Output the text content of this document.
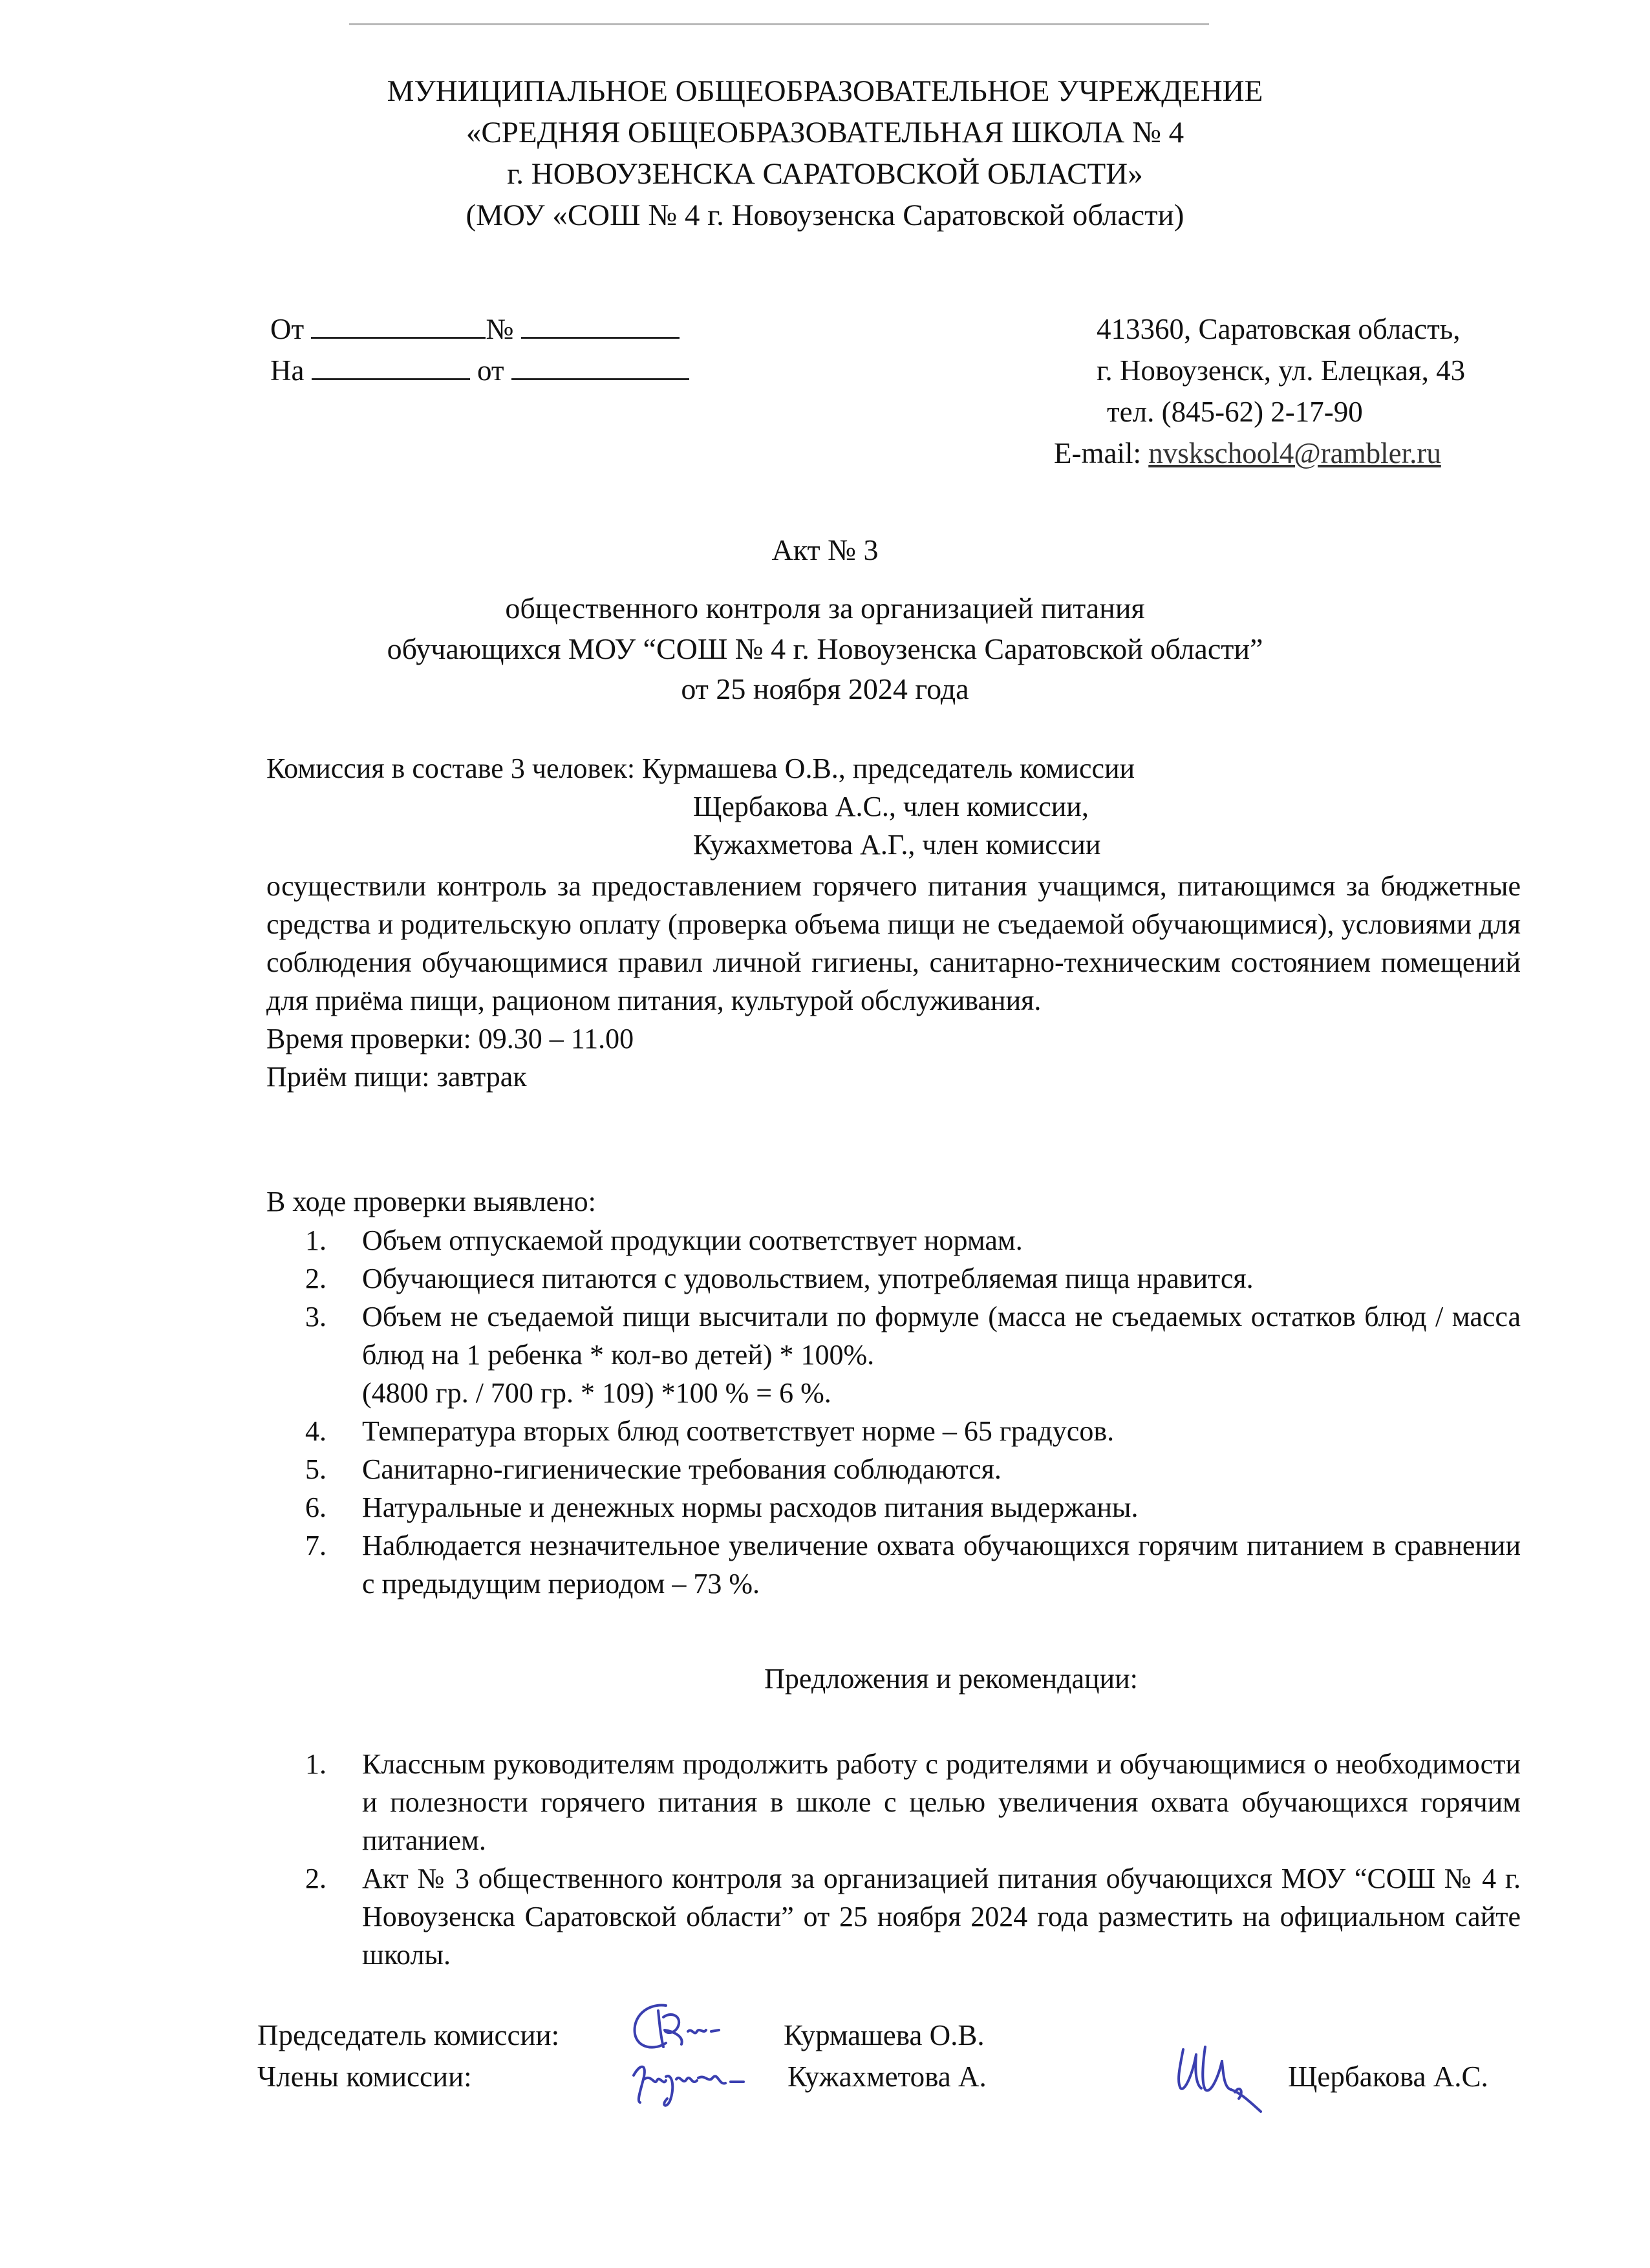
МУНИЦИПАЛЬНОЕ ОБЩЕОБРАЗОВАТЕЛЬНОЕ УЧРЕЖДЕНИЕ
«СРЕДНЯЯ ОБЩЕОБРАЗОВАТЕЛЬНАЯ ШКОЛА № 4
г. НОВОУЗЕНСКА САРАТОВСКОЙ ОБЛАСТИ»
(МОУ «СОШ № 4 г. Новоузенска Саратовской области)
От	№
На	от
413360, Саратовская область,
г. Новоузенск, ул. Елецкая, 43
тел. (845-62) 2-17-90
E-mail: nvskschool4@rambler.ru
Акт № 3
общественного контроля за организацией питания
обучающихся МОУ “СОШ № 4 г. Новоузенска Саратовской области”
от 25 ноября 2024 года
Комиссия в составе 3 человек: Курмашева О.В., председатель комиссии
Щербакова А.С., член комиссии,
Кужахметова А.Г., член комиссии
осуществили контроль за предоставлением горячего питания учащимся, питающимся за бюджетные средства и родительскую оплату (проверка объема пищи не съедаемой обучающимися), условиями для соблюдения обучающимися правил личной гигиены, санитарно-техническим состоянием помещений для приёма пищи, рационом питания, культурой обслуживания.
Время проверки: 09.30 – 11.00
Приём пищи: завтрак
В ходе проверки выявлено:
1. Объем отпускаемой продукции соответствует нормам.
2. Обучающиеся питаются с удовольствием, употребляемая пища нравится.
3. Объем не съедаемой пищи высчитали по формуле (масса не съедаемых остатков блюд / масса блюд на 1 ребенка * кол-во детей) * 100%.
(4800 гр. / 700 гр. * 109) *100 % = 6 %.
4. Температура вторых блюд соответствует норме – 65 градусов.
5. Санитарно-гигиенические требования соблюдаются.
6. Натуральные и денежных нормы расходов питания выдержаны.
7. Наблюдается незначительное увеличение охвата обучающихся горячим питанием в сравнении с предыдущим периодом – 73 %.
Предложения и рекомендации:
1. Классным руководителям продолжить работу с родителями и обучающимися о необходимости и полезности горячего питания в школе с целью увеличения охвата обучающихся горячим питанием.
2. Акт № 3 общественного контроля за организацией питания обучающихся МОУ “СОШ № 4 г. Новоузенска Саратовской области” от 25 ноября 2024 года разместить на официальном сайте школы.
Председатель комиссии:	Курмашева О.В.
Члены комиссии:	Кужахметова А.	Щербакова А.С.
